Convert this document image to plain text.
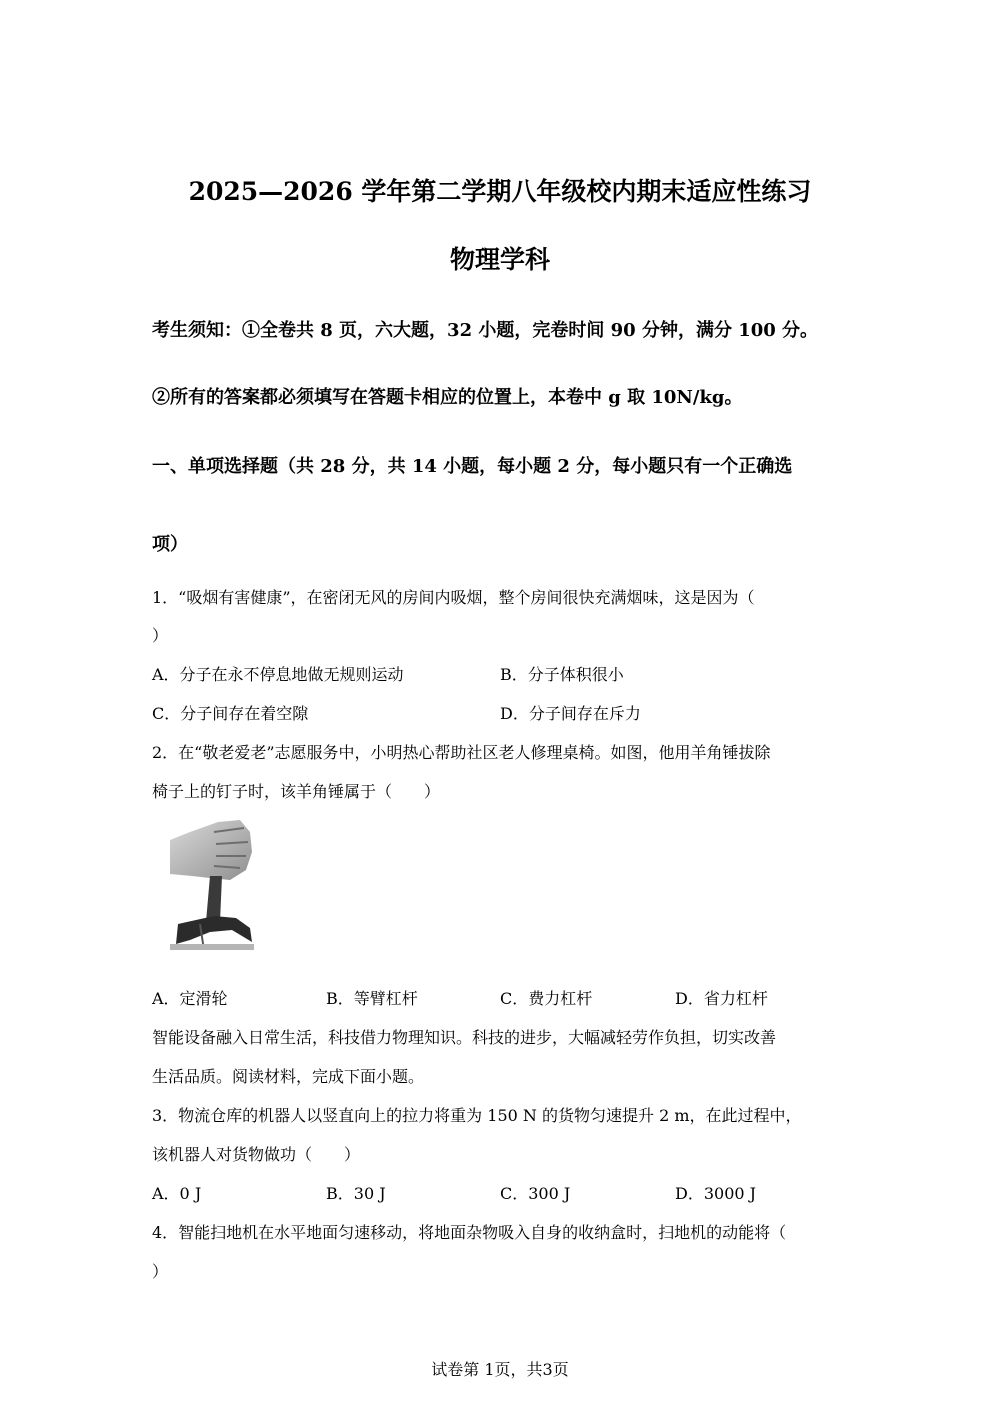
2025—2026 学年第二学期八年级校内期末适应性练习
物理学科
考生须知：①全卷共 8 页，六大题，32 小题，完卷时间 90 分钟，满分 100 分。
②所有的答案都必须填写在答题卡相应的位置上，本卷中 g 取 10N/kg。
一、单项选择题（共 28 分，共 14 小题，每小题 2 分，每小题只有一个正确选
项）
1．“吸烟有害健康”，在密闭无风的房间内吸烟，整个房间很快充满烟味，这是因为（
）
A．分子在永不停息地做无规则运动	B．分子体积很小
C．分子间存在着空隙	D．分子间存在斥力
2．在“敬老爱老”志愿服务中，小明热心帮助社区老人修理桌椅。如图，他用羊角锤拔除
椅子上的钉子时，该羊角锤属于（　　）
A．定滑轮	B．等臂杠杆	C．费力杠杆	D．省力杠杆
智能设备融入日常生活，科技借力物理知识。科技的进步，大幅减轻劳作负担，切实改善
生活品质。阅读材料，完成下面小题。
3．物流仓库的机器人以竖直向上的拉力将重为 150 N 的货物匀速提升 2 m，在此过程中，
该机器人对货物做功（　　）
A．0 J	B．30 J	C．300 J	D．3000 J
4．智能扫地机在水平地面匀速移动，将地面杂物吸入自身的收纳盒时，扫地机的动能将（
）
试卷第 1页，共3页
